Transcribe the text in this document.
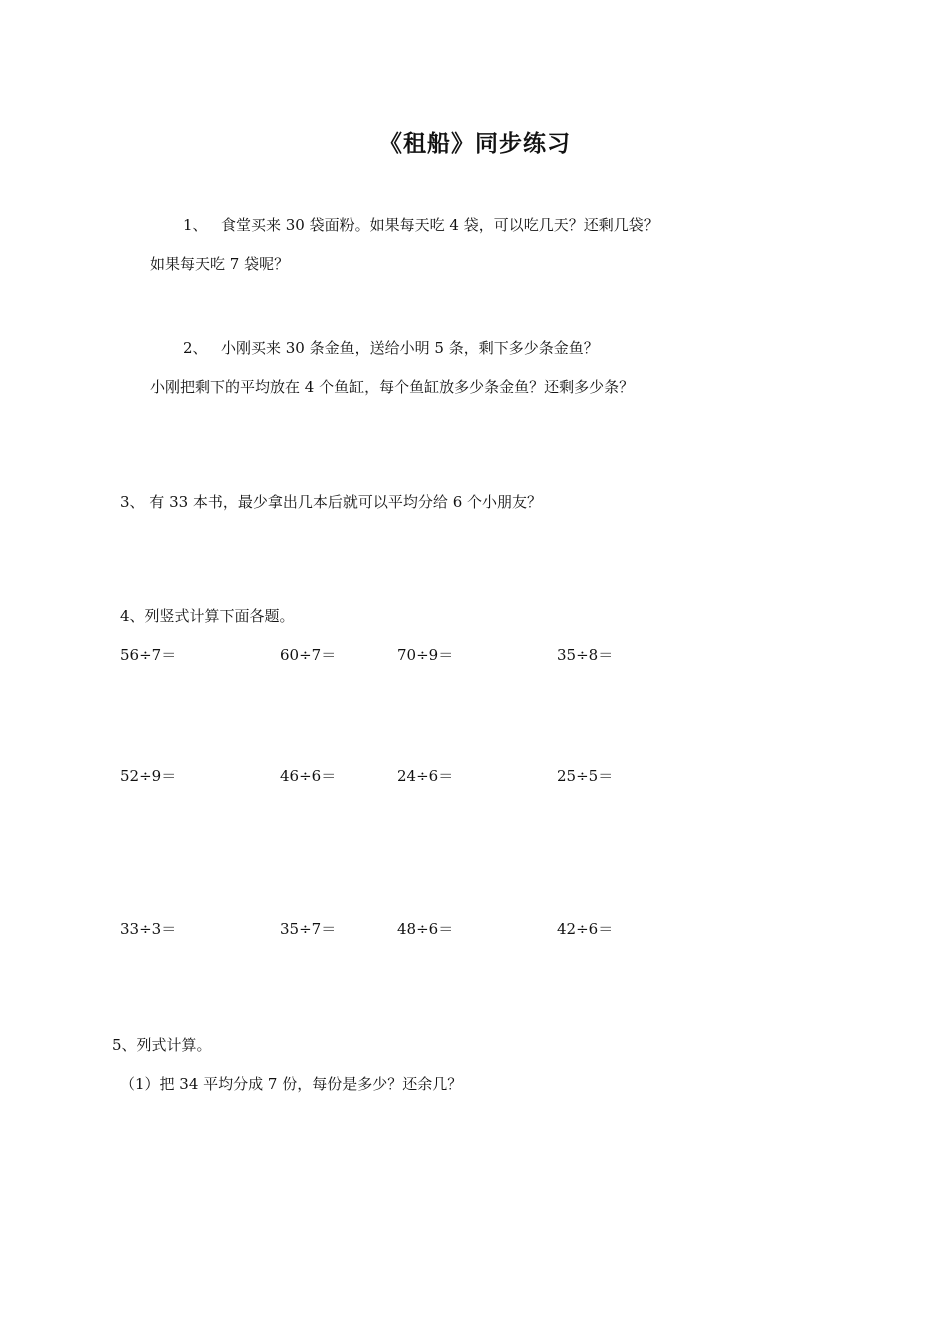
《租船》同步练习
1、 食堂买来 30 袋面粉。如果每天吃 4 袋，可以吃几天？还剩几袋？
如果每天吃 7 袋呢？
2、 小刚买来 30 条金鱼，送给小明 5 条，剩下多少条金鱼？
小刚把剩下的平均放在 4 个鱼缸，每个鱼缸放多少条金鱼？还剩多少条？
3、 有 33 本书，最少拿出几本后就可以平均分给 6 个小朋友？
4、列竖式计算下面各题。
56÷7＝	60÷7＝	70÷9＝	35÷8＝
52÷9＝	46÷6＝	24÷6＝	25÷5＝
33÷3＝	35÷7＝	48÷6＝	42÷6＝
5、列式计算。
（1）把 34 平均分成 7 份，每份是多少？还余几？
